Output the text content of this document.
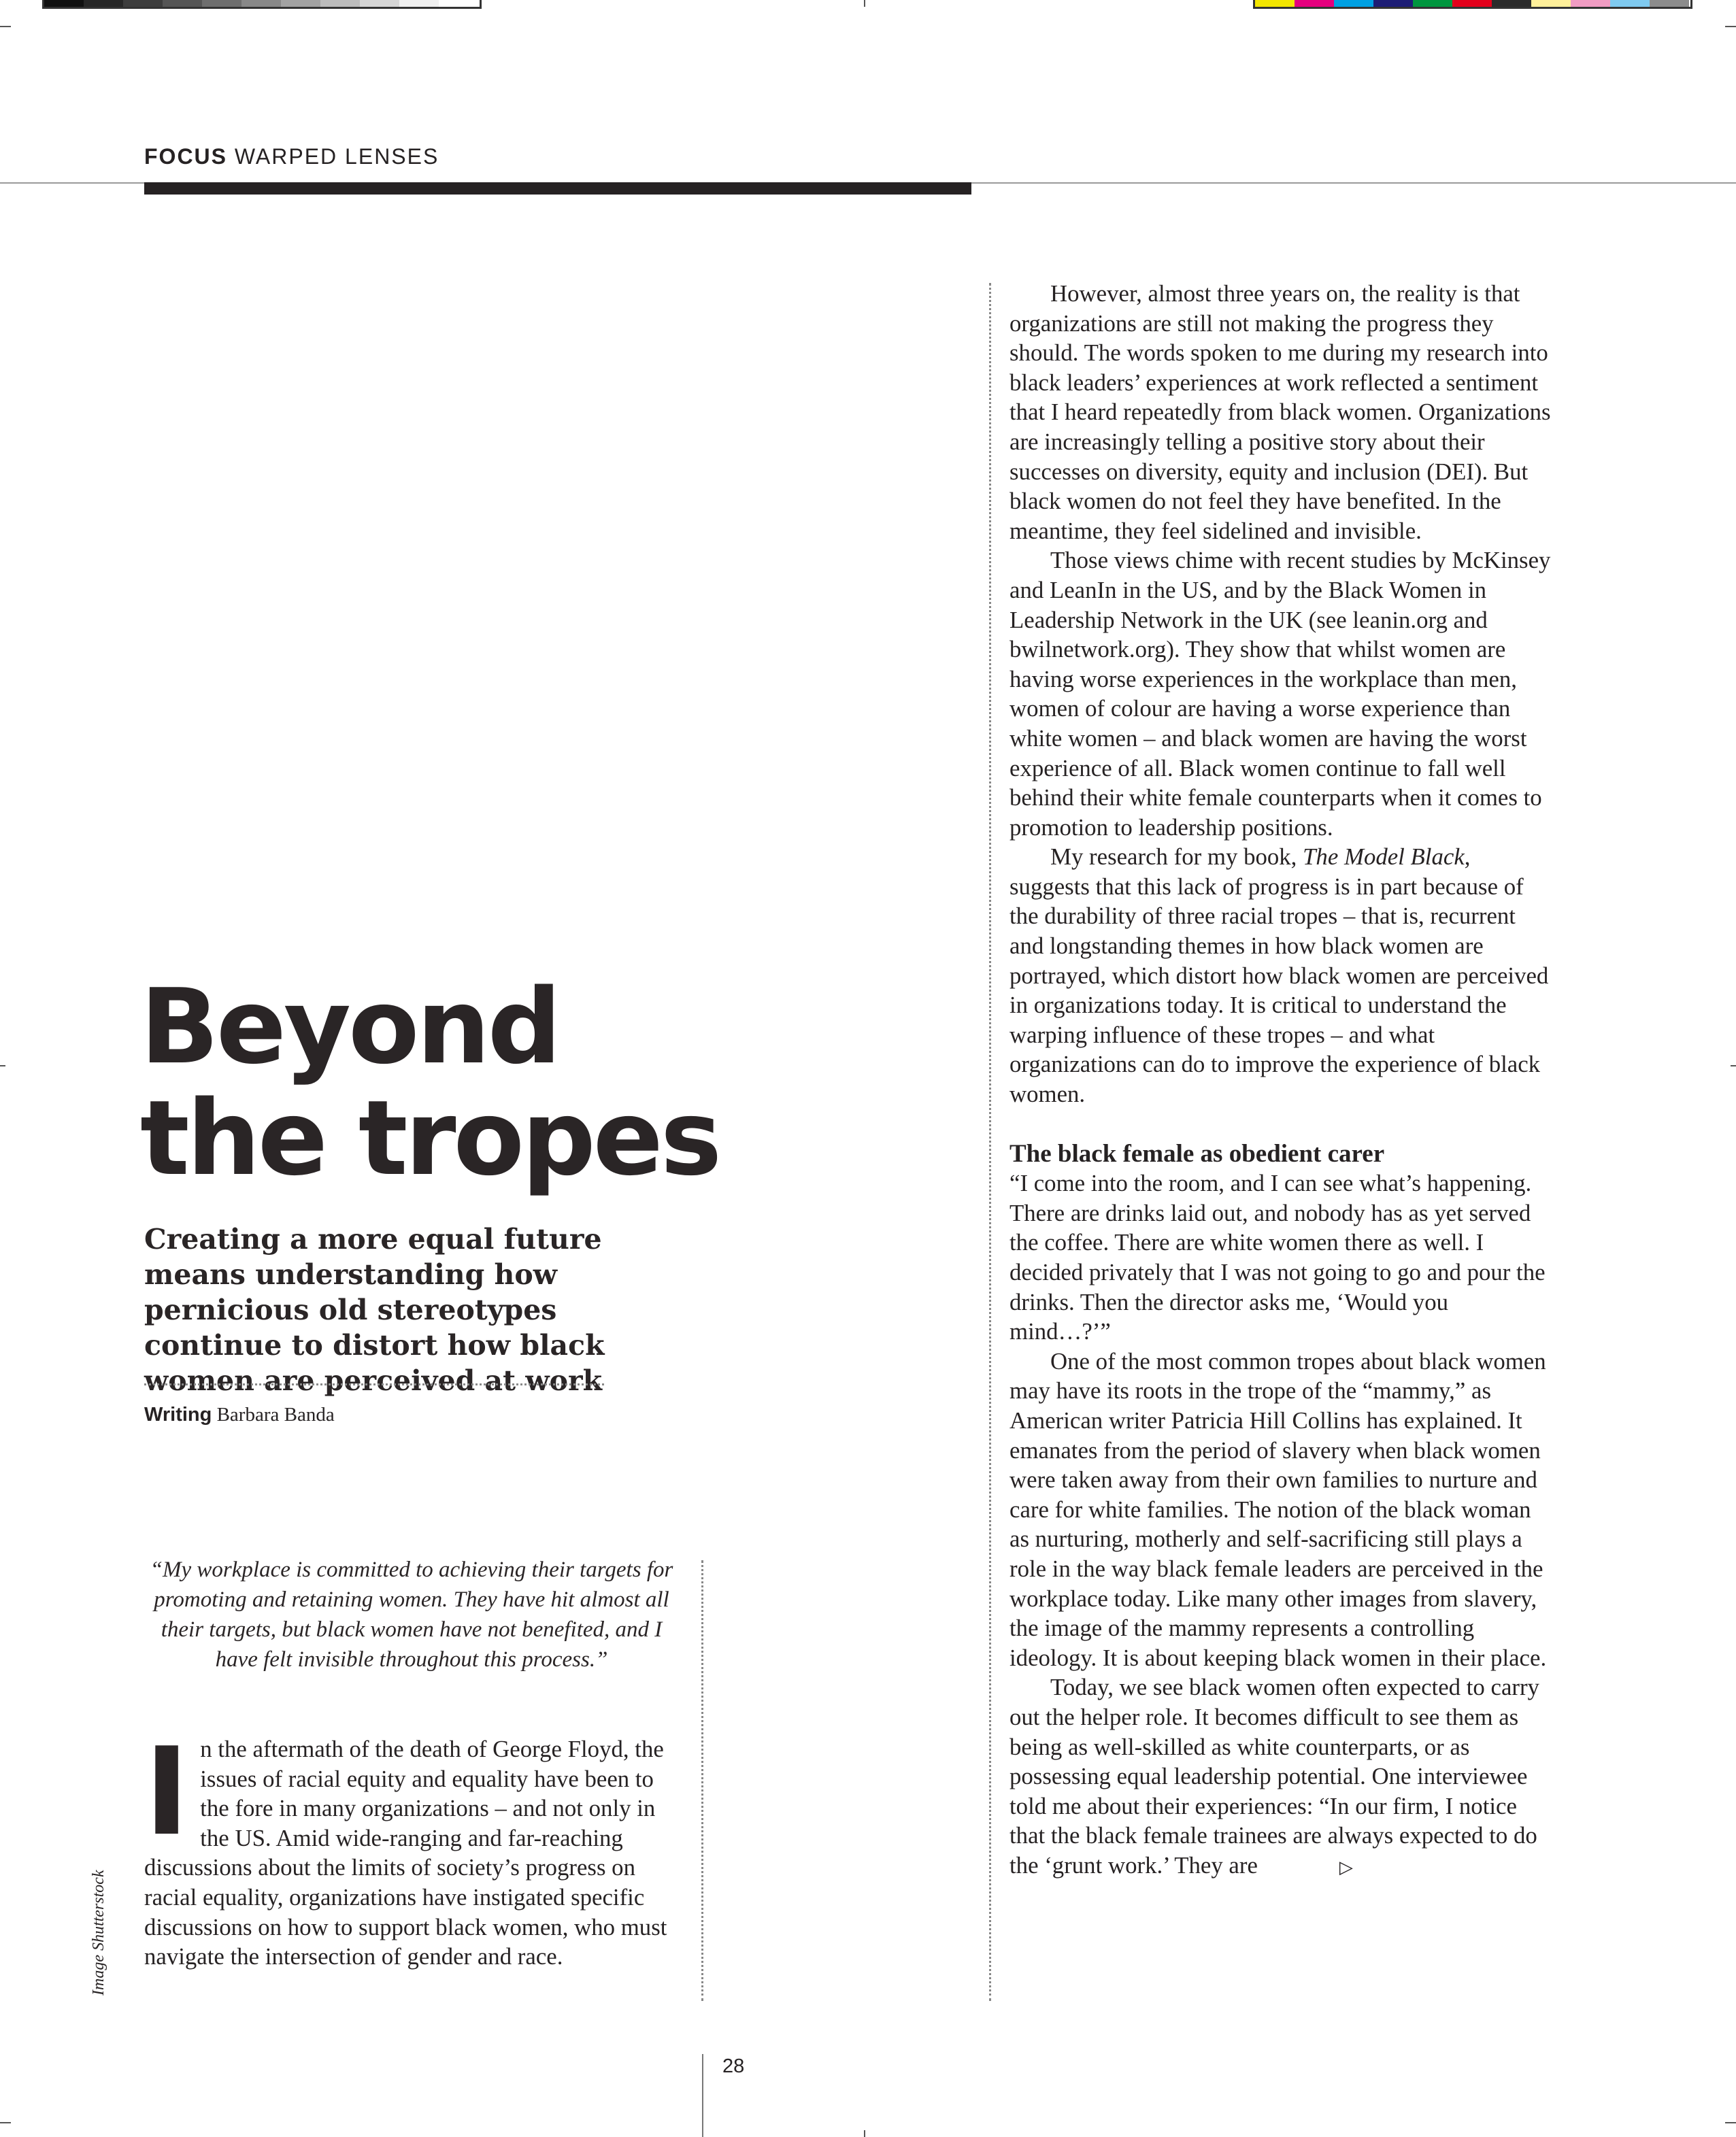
FOCUS WARPED LENSES
Beyond
the tropes

Creating a more equal future means understanding how pernicious old stereotypes continue to distort how black women are perceived at work

Writing Barbara Banda

“My workplace is committed to achieving their targets for promoting and retaining women. They have hit almost all their targets, but black women have not benefited, and I have felt invisible throughout this process.”

I n the aftermath of the death of George Floyd, the issues of racial equity and equality have been to the fore in many organizations – and not only in the US. Amid wide-ranging and far-reaching discussions about the limits of society’s progress on racial equality, organizations have instigated specific discussions on how to support black women, who must navigate the intersection of gender and race.

However, almost three years on, the reality is that organizations are still not making the progress they should. The words spoken to me during my research into black leaders’ experiences at work reflected a sentiment that I heard repeatedly from black women. Organizations are increasingly telling a positive story about their successes on diversity, equity and inclusion (DEI). But black women do not feel they have benefited. In the meantime, they feel sidelined and invisible.

Those views chime with recent studies by McKinsey and LeanIn in the US, and by the Black Women in Leadership Network in the UK (see leanin.org and bwilnetwork.org). They show that whilst women are having worse experiences in the workplace than men, women of colour are having a worse experience than white women – and black women are having the worst experience of all. Black women continue to fall well behind their white female counterparts when it comes to promotion to leadership positions.

My research for my book, The Model Black, suggests that this lack of progress is in part because of the durability of three racial tropes – that is, recurrent and longstanding themes in how black women are portrayed, which distort how black women are perceived in organizations today. It is critical to understand the warping influence of these tropes – and what organizations can do to improve the experience of black women.

The black female as obedient carer

“I come into the room, and I can see what’s happening. There are drinks laid out, and nobody has as yet served the coffee. There are white women there as well. I decided privately that I was not going to go and pour the drinks. Then the director asks me, ‘Would you mind…?’”

One of the most common tropes about black women may have its roots in the trope of the “mammy,” as American writer Patricia Hill Collins has explained. It emanates from the period of slavery when black women were taken away from their own families to nurture and care for white families. The notion of the black woman as nurturing, motherly and self-sacrificing still plays a role in the way black female leaders are perceived in the workplace today. Like many other images from slavery, the image of the mammy represents a controlling ideology. It is about keeping black women in their place.

Today, we see black women often expected to carry out the helper role. It becomes difficult to see them as being as well-skilled as white counterparts, or as possessing equal leadership potential. One interviewee told me about their experiences: “In our firm, I notice that the black female trainees are always expected to do the ‘grunt work.’ They are	▷

Image Shutterstock
28
